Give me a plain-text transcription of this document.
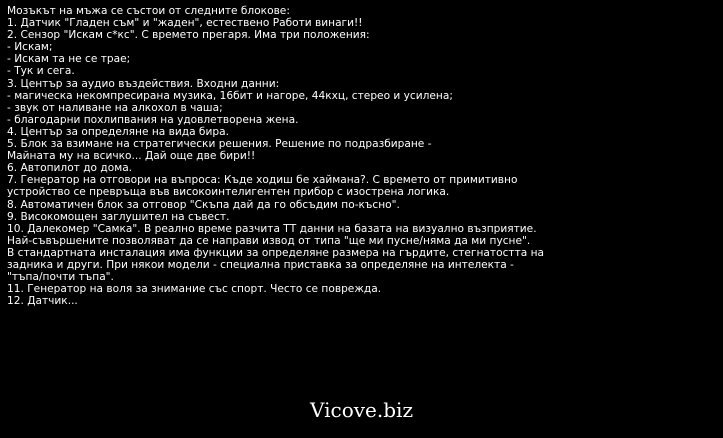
Мозъкът на мъжа се състои от следните блокове:
1. Датчик "Гладен съм" и "жаден", естествено Работи винаги!!
2. Сензор "Искам с*кс". С времето прегаря. Има три положения:
- Искам;
- Искам та не се трае;
- Тук и сега.
3. Център за аудио въздействия. Входни данни:
- магическа некомпресирана музика, 16бит и нагоре, 44кхц, стерео и усилена;
- звук от наливане на алкохол в чаша;
- благодарни похлипвания на удовлетворена жена.
4. Център за определяне на вида бира.
5. Блок за взимане на стратегически решения. Решение по подразбиране -
Майната му на всичко... Дай още две бири!!
6. Автопилот до дома.
7. Генератор на отговори на въпроса: Къде ходиш бе хаймана?. С времето от примитивно
устройство се превръща във високоинтелигентен прибор с изострена логика.
8. Автоматичен блок за отговор "Скъпа дай да го обсъдим по-късно".
9. Високомощен заглушител на съвест.
10. Далекомер "Самка". В реално време разчита ТТ данни на базата на визуално възприятие.
Най-съвършените позволяват да се направи извод от типа "ще ми пусне/няма да ми пусне".
В стандартната инсталация има функции за определяне размера на гърдите, стегнатостта на
задника и други. При някои модели - специална приставка за определяне на интелекта -
"тъпа/почти тъпа".
11. Генератор на воля за знимание със спорт. Често се поврежда.
12. Датчик...
Vicove.biz
